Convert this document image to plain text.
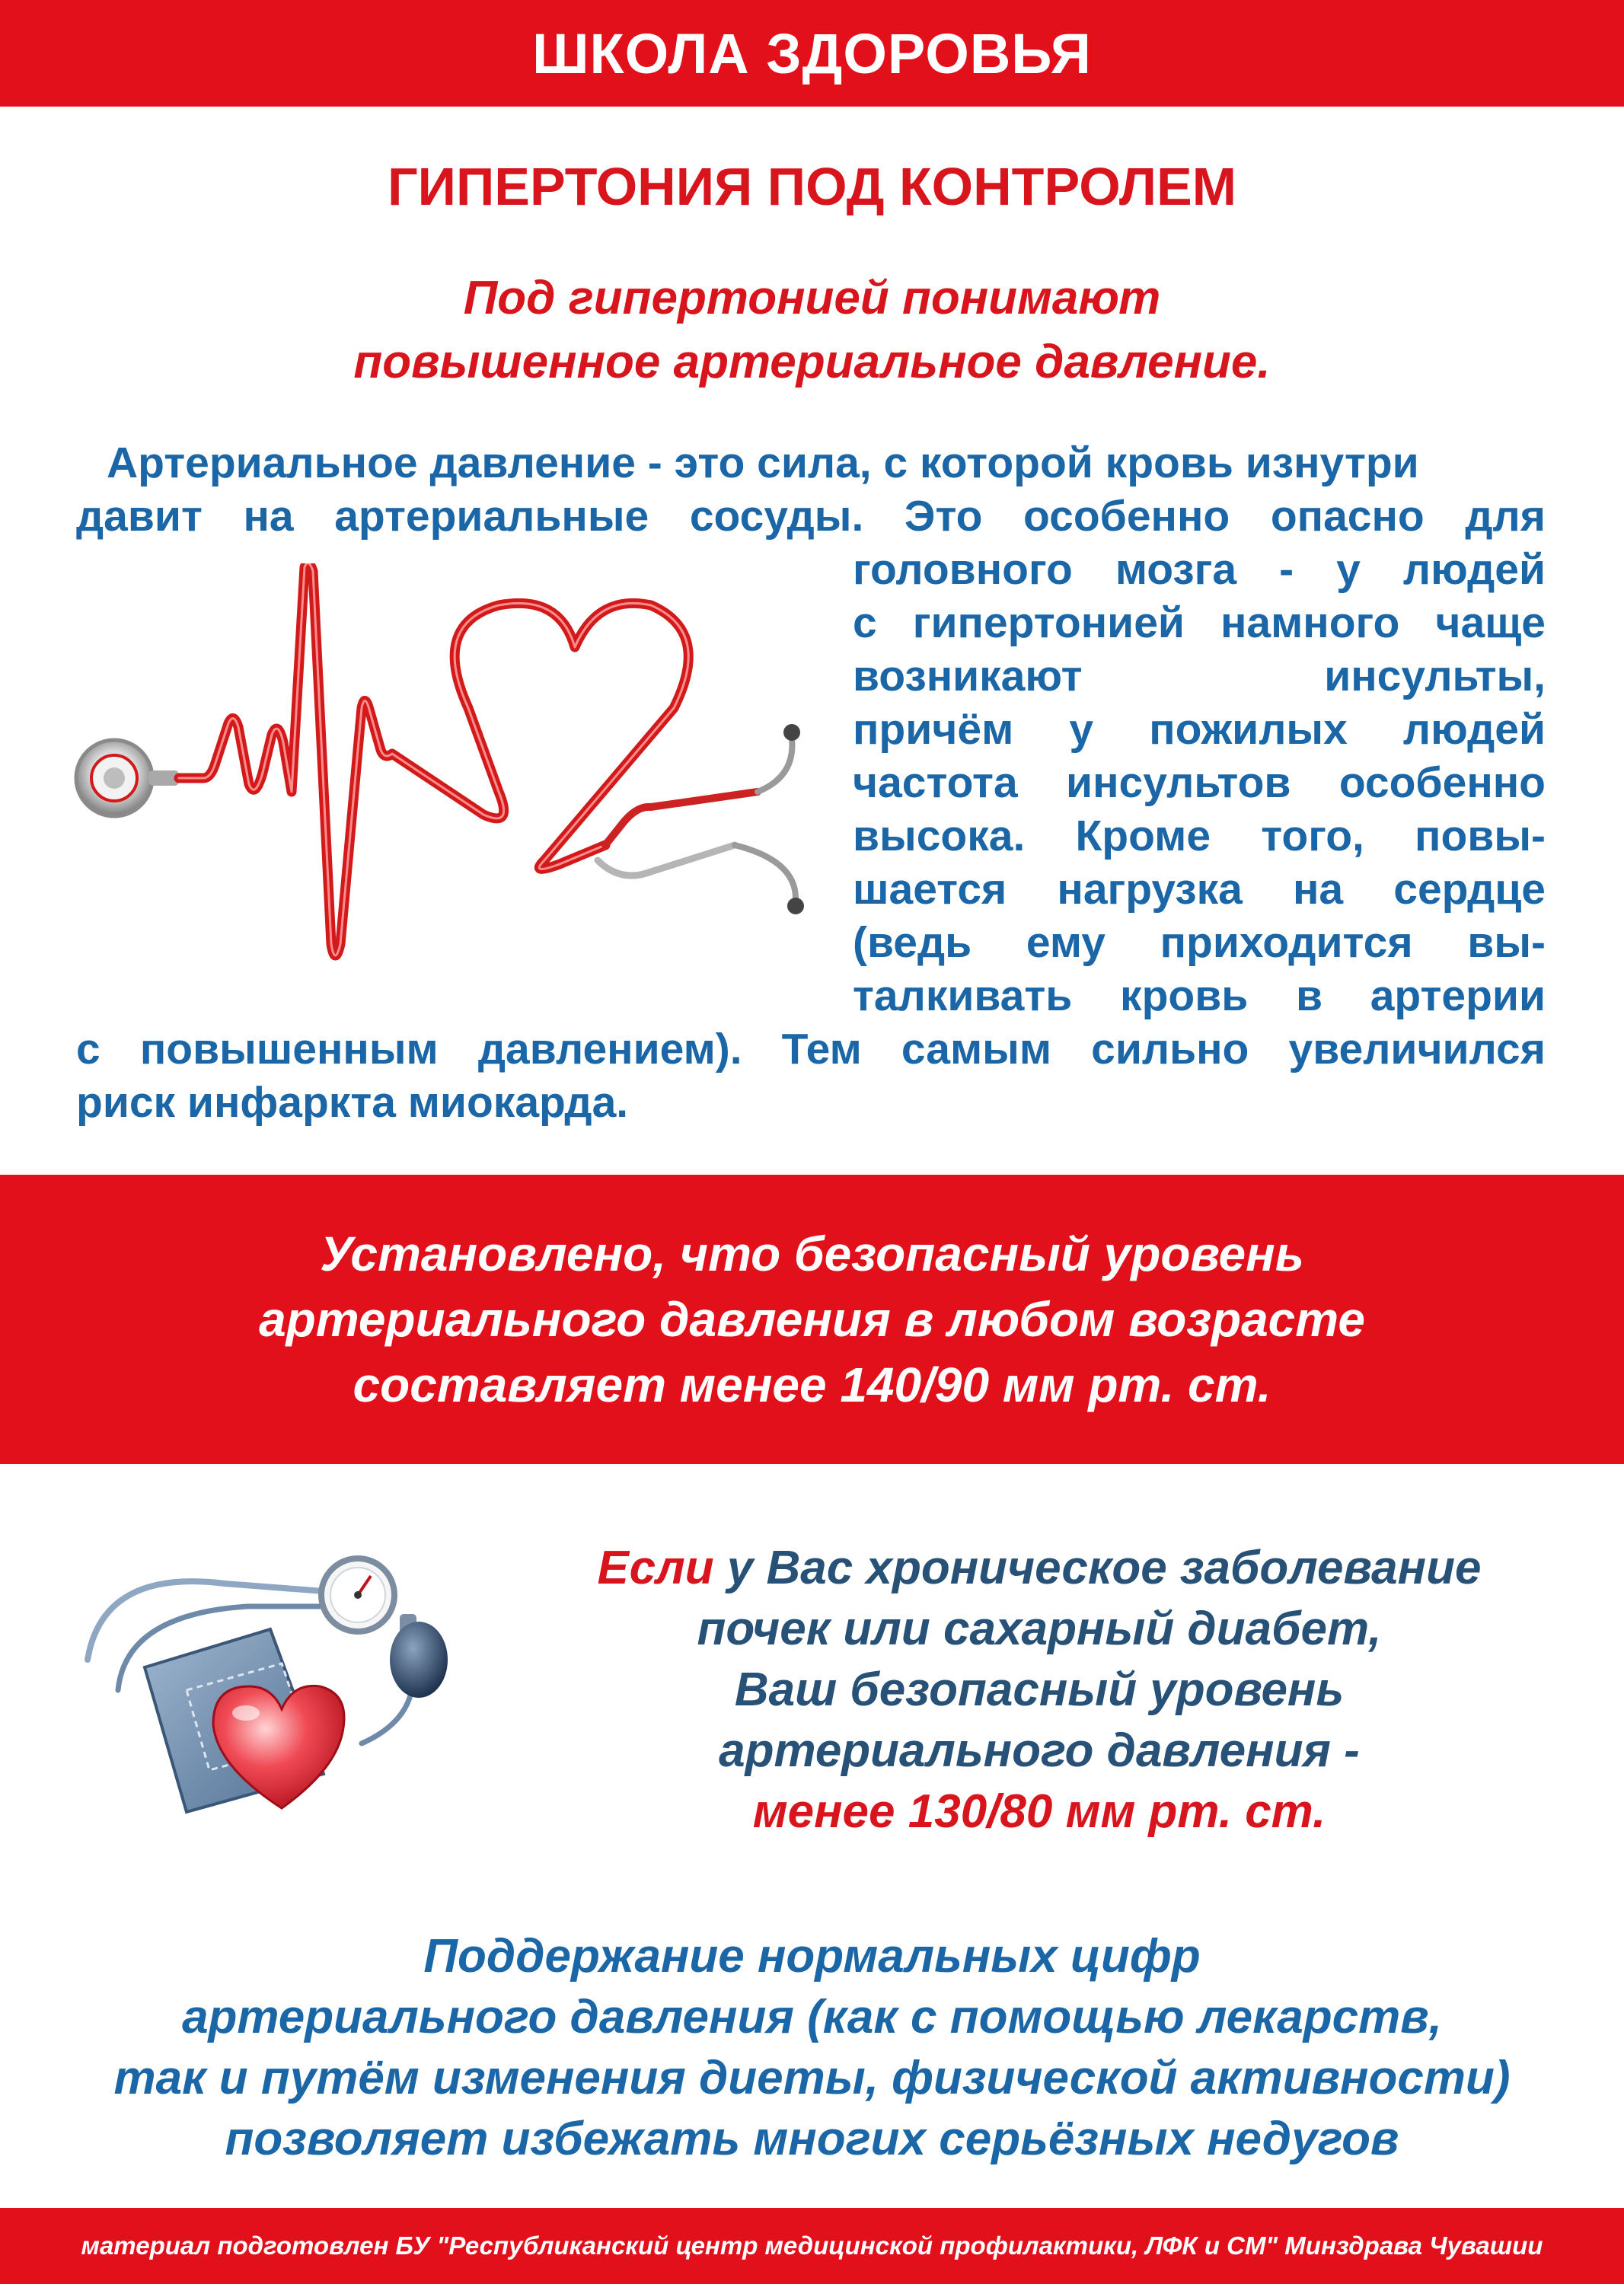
ШКОЛА ЗДОРОВЬЯ
ГИПЕРТОНИЯ ПОД КОНТРОЛЕМ
Под гипертонией понимают
повышенное артериальное давление.
Артериальное давление - это сила, с которой кровь изнутри
давит на артериальные сосуды. Это особенно опасно для
головного мозга - у людей
с гипертонией намного чаще
возникают инсульты,
причём у пожилых людей
частота инсультов особенно
высока. Кроме того, повы-
шается нагрузка на сердце
(ведь ему приходится вы-
талкивать кровь в артерии
с повышенным давлением). Тем самым сильно увеличился
риск инфаркта миокарда.
Установлено, что безопасный уровень
артериального давления в любом возрасте
составляет менее 140/90 мм рт. ст.
Если у Вас хроническое заболевание
почек или сахарный диабет,
Ваш безопасный уровень
артериального давления -
менее 130/80 мм рт. ст.
Поддержание нормальных цифр
артериального давления (как с помощью лекарств,
так и путём изменения диеты, физической активности)
позволяет избежать многих серьёзных недугов
материал подготовлен БУ "Республиканский центр медицинской профилактики, ЛФК и СМ" Минздрава Чувашии
